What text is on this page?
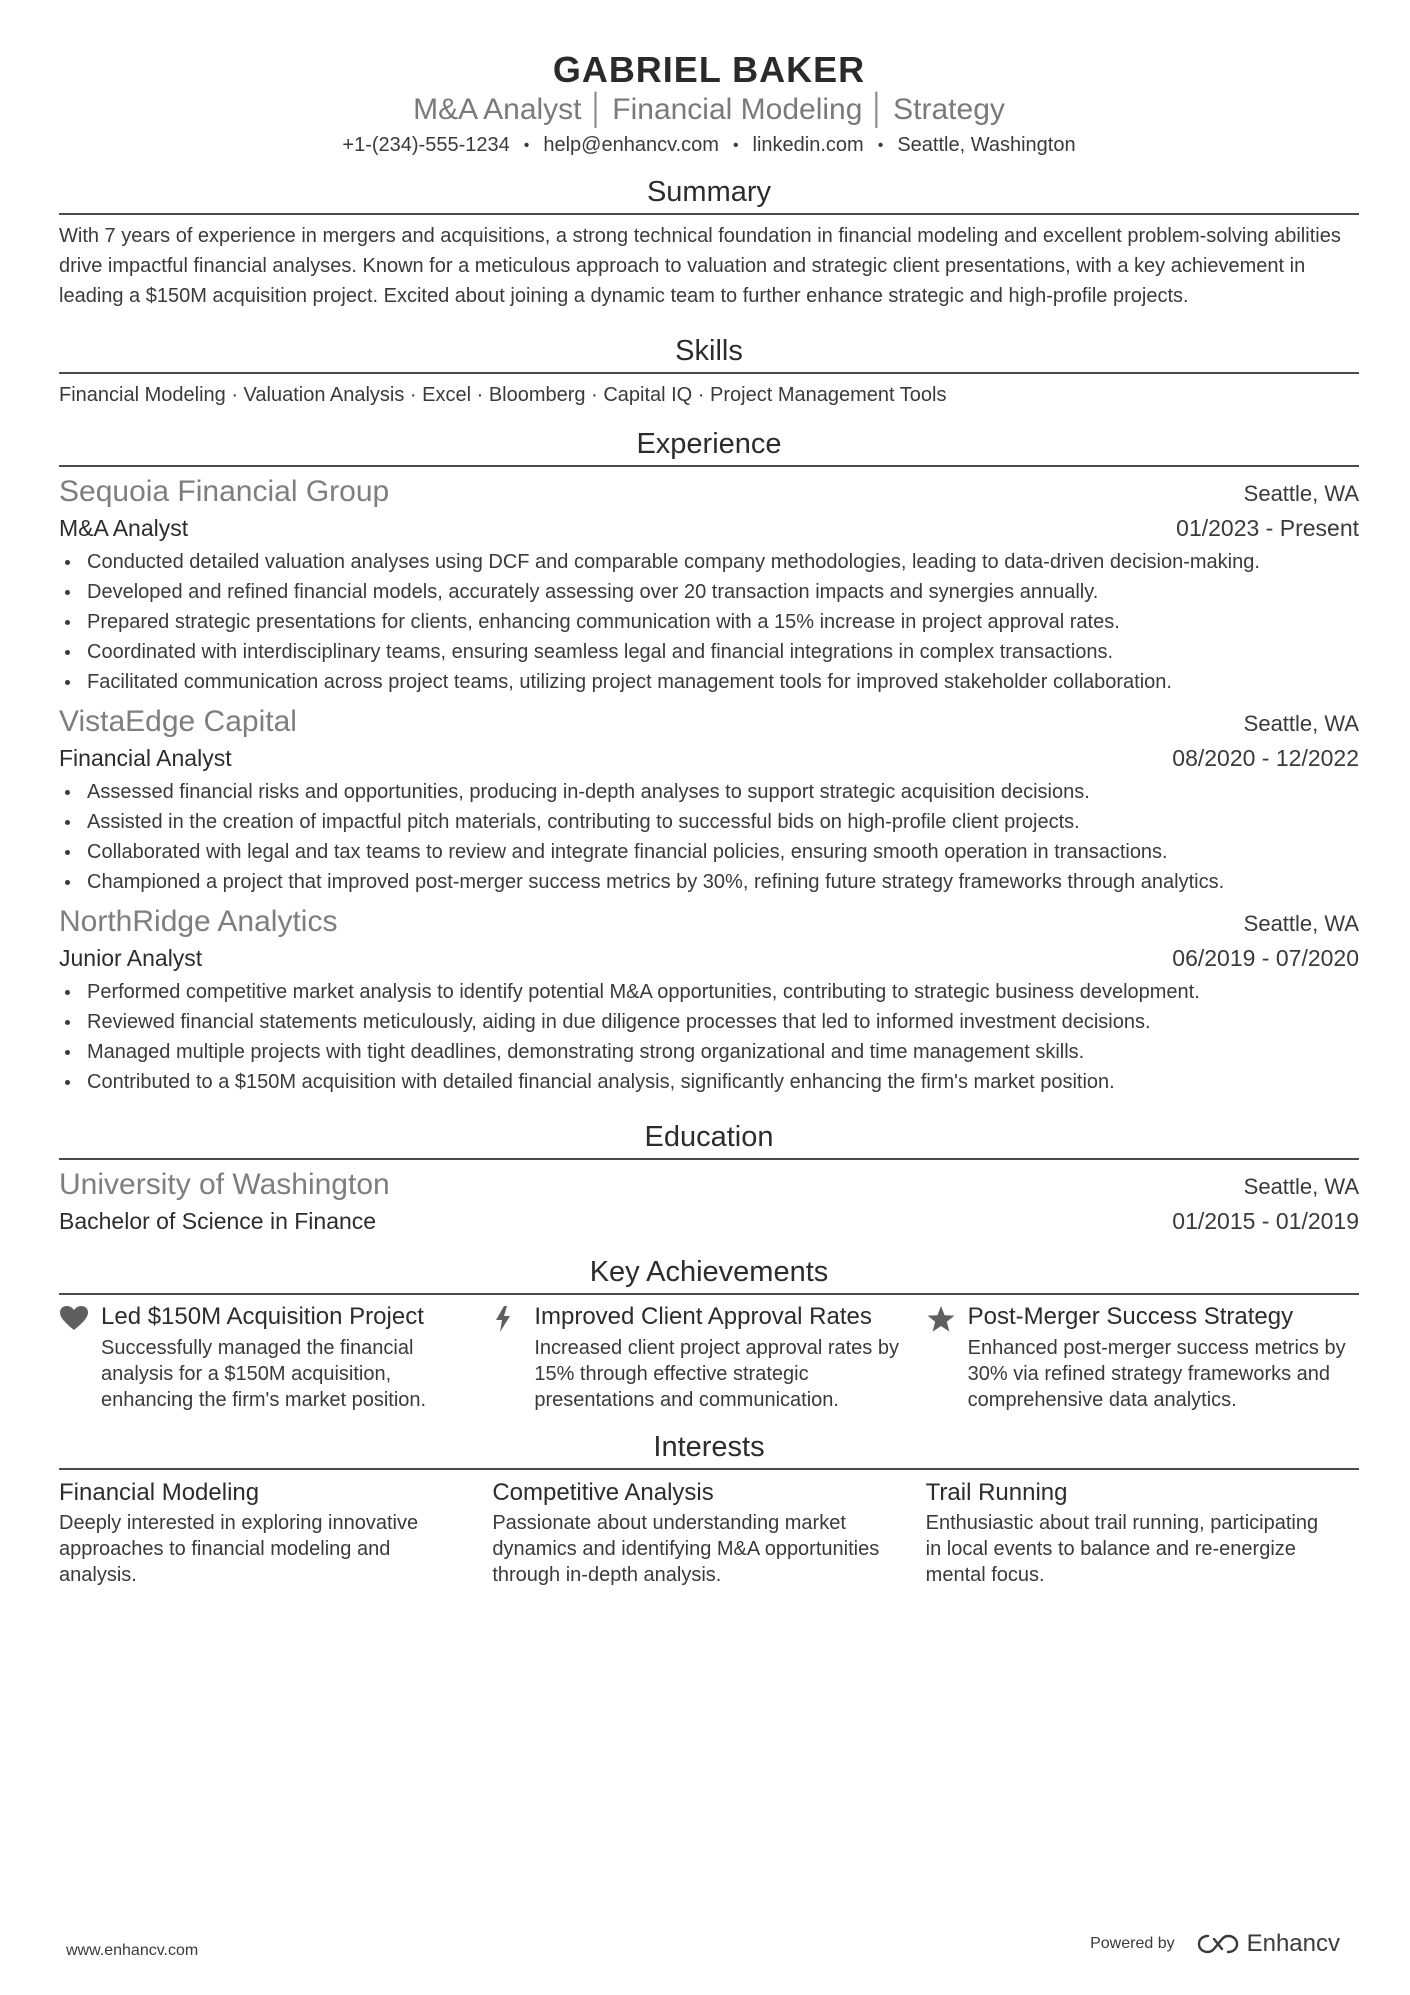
GABRIEL BAKER
M&A Analyst │ Financial Modeling │ Strategy
+1-(234)-555-1234 • help@enhancv.com • linkedin.com • Seattle, Washington
Summary
With 7 years of experience in mergers and acquisitions, a strong technical foundation in financial modeling and excellent problem-solving abilities drive impactful financial analyses. Known for a meticulous approach to valuation and strategic client presentations, with a key achievement in leading a $150M acquisition project. Excited about joining a dynamic team to further enhance strategic and high-profile projects.
Skills
Financial Modeling · Valuation Analysis · Excel · Bloomberg · Capital IQ · Project Management Tools
Experience
Sequoia Financial Group	Seattle, WA
M&A Analyst	01/2023 - Present
Conducted detailed valuation analyses using DCF and comparable company methodologies, leading to data-driven decision-making.
Developed and refined financial models, accurately assessing over 20 transaction impacts and synergies annually.
Prepared strategic presentations for clients, enhancing communication with a 15% increase in project approval rates.
Coordinated with interdisciplinary teams, ensuring seamless legal and financial integrations in complex transactions.
Facilitated communication across project teams, utilizing project management tools for improved stakeholder collaboration.
VistaEdge Capital	Seattle, WA
Financial Analyst	08/2020 - 12/2022
Assessed financial risks and opportunities, producing in-depth analyses to support strategic acquisition decisions.
Assisted in the creation of impactful pitch materials, contributing to successful bids on high-profile client projects.
Collaborated with legal and tax teams to review and integrate financial policies, ensuring smooth operation in transactions.
Championed a project that improved post-merger success metrics by 30%, refining future strategy frameworks through analytics.
NorthRidge Analytics	Seattle, WA
Junior Analyst	06/2019 - 07/2020
Performed competitive market analysis to identify potential M&A opportunities, contributing to strategic business development.
Reviewed financial statements meticulously, aiding in due diligence processes that led to informed investment decisions.
Managed multiple projects with tight deadlines, demonstrating strong organizational and time management skills.
Contributed to a $150M acquisition with detailed financial analysis, significantly enhancing the firm's market position.
Education
University of Washington	Seattle, WA
Bachelor of Science in Finance	01/2015 - 01/2019
Key Achievements
Led $150M Acquisition Project
Successfully managed the financial analysis for a $150M acquisition, enhancing the firm's market position.
Improved Client Approval Rates
Increased client project approval rates by 15% through effective strategic presentations and communication.
Post-Merger Success Strategy
Enhanced post-merger success metrics by 30% via refined strategy frameworks and comprehensive data analytics.
Interests
Financial Modeling
Deeply interested in exploring innovative approaches to financial modeling and analysis.
Competitive Analysis
Passionate about understanding market dynamics and identifying M&A opportunities through in-depth analysis.
Trail Running
Enthusiastic about trail running, participating in local events to balance and re-energize mental focus.
www.enhancv.com	Powered by	Enhancv
